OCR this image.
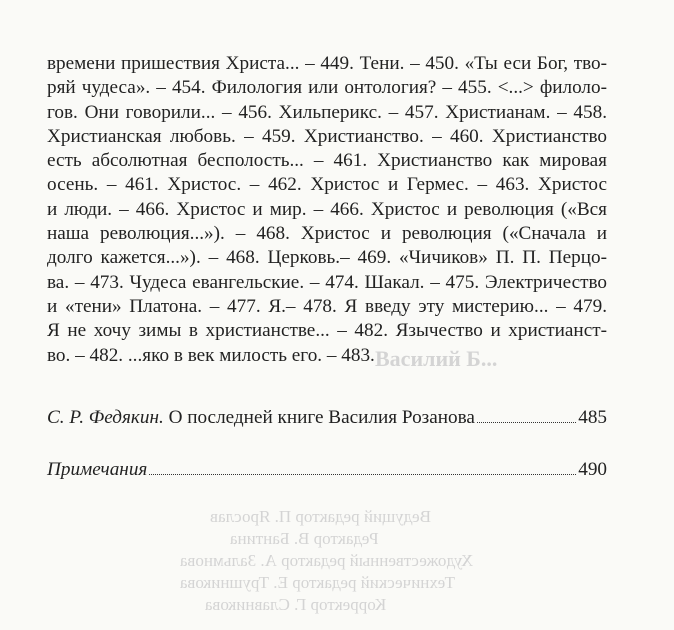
Василий Б...
Ведущий редактор П. Ярослав
Редактор В. Бантина
Художественный редактор А. Зальмнова
Технический редактор Е. Трушникова
Корректор Г. Славникова
времени пришествия Христа... – 449. Тени. – 450. «Ты еси Бог, тво-
ряй чудеса». – 454. Филология или онтология? – 455. <...> филоло-
гов. Они говорили... – 456. Хильперикс. – 457. Христианам. – 458.
Христианская любовь. – 459. Христианство. – 460. Христианство
есть абсолютная бесполость... – 461. Христианство как мировая
осень. – 461. Христос. – 462. Христос и Гермес. – 463. Христос
и люди. – 466. Христос и мир. – 466. Христос и революция («Вся
наша революция...»). – 468. Христос и революция («Сначала и
долго кажется...»). – 468. Церковь.– 469. «Чичиков» П. П. Перцо-
ва. – 473. Чудеса евангельские. – 474. Шакал. – 475. Электричество
и «тени» Платона. – 477. Я.– 478. Я введу эту мистерию... – 479.
Я не хочу зимы в христианстве... – 482. Язычество и христианст-
во. – 482. ...яко в век милость его. – 483.
С. Р. Федякин.
О последней книге Василия Розанова	485
Примечания	490
